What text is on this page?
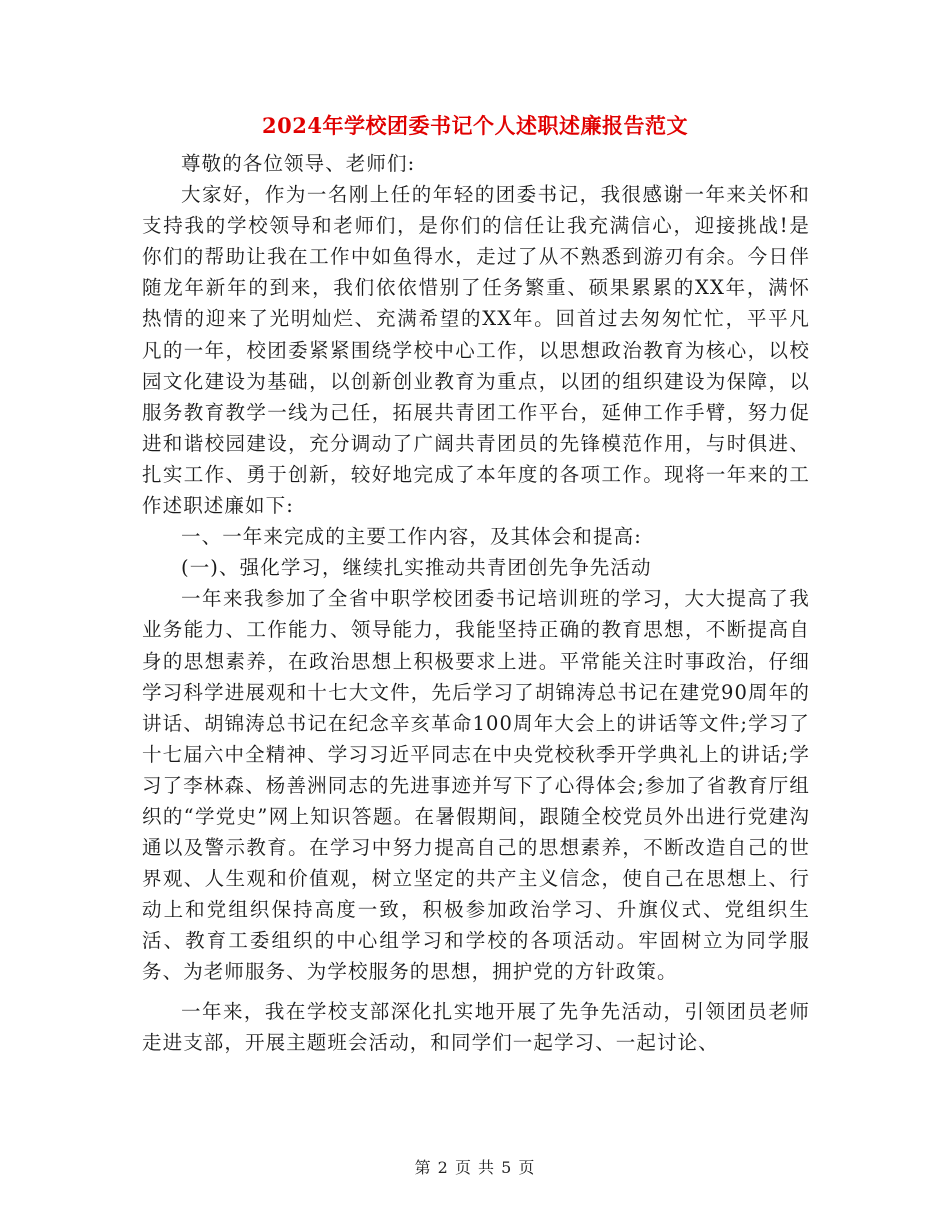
2024年学校团委书记个人述职述廉报告范文

尊敬的各位领导、老师们:

大家好，作为一名刚上任的年轻的团委书记，我很感谢一年来关怀和支持我的学校领导和老师们，是你们的信任让我充满信心，迎接挑战!是你们的帮助让我在工作中如鱼得水，走过了从不熟悉到游刃有余。今日伴随龙年新年的到来，我们依依惜别了任务繁重、硕果累累的XX年，满怀热情的迎来了光明灿烂、充满希望的XX年。回首过去匆匆忙忙，平平凡凡的一年，校团委紧紧围绕学校中心工作，以思想政治教育为核心，以校园文化建设为基础，以创新创业教育为重点，以团的组织建设为保障，以服务教育教学一线为己任，拓展共青团工作平台，延伸工作手臂，努力促进和谐校园建设，充分调动了广阔共青团员的先锋模范作用，与时俱进、扎实工作、勇于创新，较好地完成了本年度的各项工作。现将一年来的工作述职述廉如下:

一、一年来完成的主要工作内容，及其体会和提高:

(一)、强化学习，继续扎实推动共青团创先争先活动

一年来我参加了全省中职学校团委书记培训班的学习，大大提高了我业务能力、工作能力、领导能力，我能坚持正确的教育思想，不断提高自身的思想素养，在政治思想上积极要求上进。平常能关注时事政治，仔细学习科学进展观和十七大文件，先后学习了胡锦涛总书记在建党90周年的讲话、胡锦涛总书记在纪念辛亥革命100周年大会上的讲话等文件;学习了十七届六中全精神、学习习近平同志在中央党校秋季开学典礼上的讲话;学习了李林森、杨善洲同志的先进事迹并写下了心得体会;参加了省教育厅组织的“学党史”网上知识答题。在暑假期间，跟随全校党员外出进行党建沟通以及警示教育。在学习中努力提高自己的思想素养，不断改造自己的世界观、人生观和价值观，树立坚定的共产主义信念，使自己在思想上、行动上和党组织保持高度一致，积极参加政治学习、升旗仪式、党组织生活、教育工委组织的中心组学习和学校的各项活动。牢固树立为同学服务、为老师服务、为学校服务的思想，拥护党的方针政策。

一年来，我在学校支部深化扎实地开展了先争先活动，引领团员老师走进支部，开展主题班会活动，和同学们一起学习、一起讨论、

第 2 页 共 5 页
